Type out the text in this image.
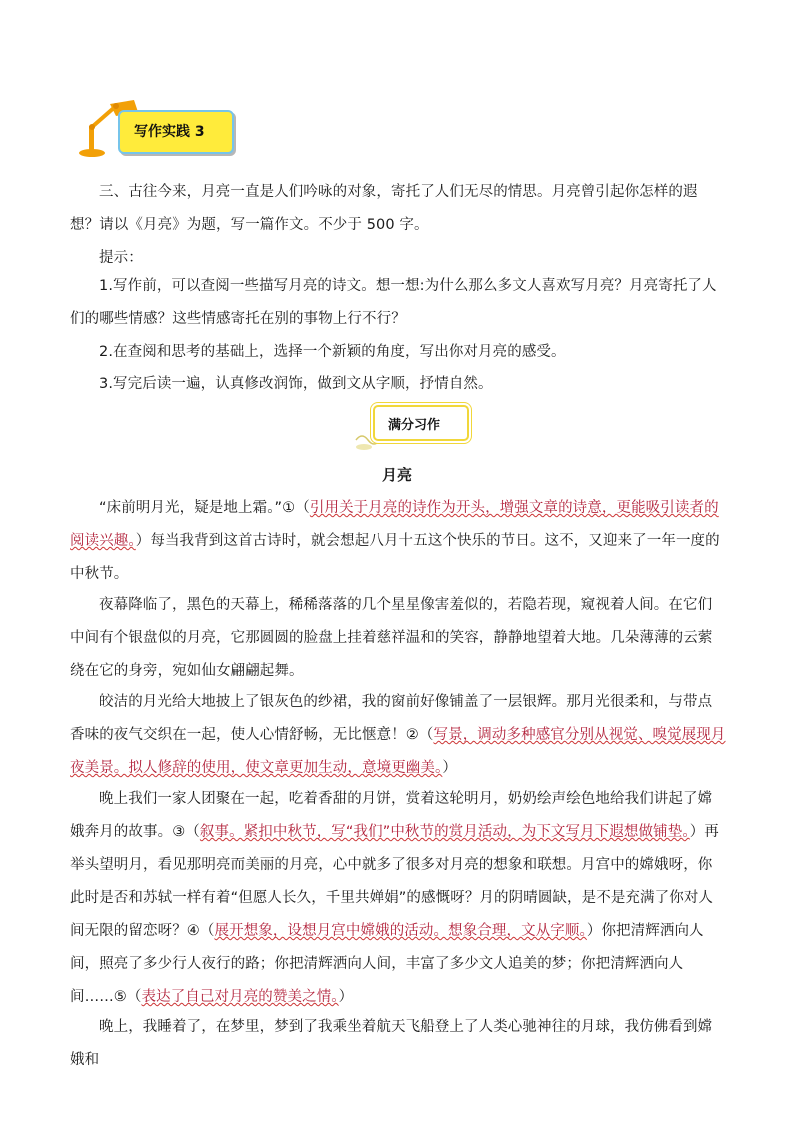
写作实践 3
三、古往今来，月亮一直是人们吟咏的对象，寄托了人们无尽的情思。月亮曾引起你怎样的遐想？请以《月亮》为题，写一篇作文。不少于 500 字。
提示：
1.写作前，可以查阅一些描写月亮的诗文。想一想:为什么那么多文人喜欢写月亮？月亮寄托了人们的哪些情感？这些情感寄托在别的事物上行不行？
2.在查阅和思考的基础上，选择一个新颖的角度，写出你对月亮的感受。
3.写完后读一遍，认真修改润饰，做到文从字顺，抒情自然。
满分习作
月亮
“床前明月光，疑是地上霜。”①（引用关于月亮的诗作为开头，增强文章的诗意，更能吸引读者的阅读兴趣。）每当我背到这首古诗时，就会想起八月十五这个快乐的节日。这不，又迎来了一年一度的中秋节。
夜幕降临了，黑色的天幕上，稀稀落落的几个星星像害羞似的，若隐若现，窥视着人间。在它们中间有个银盘似的月亮，它那圆圆的脸盘上挂着慈祥温和的笑容，静静地望着大地。几朵薄薄的云萦绕在它的身旁，宛如仙女翩翩起舞。
皎洁的月光给大地披上了银灰色的纱裙，我的窗前好像铺盖了一层银辉。那月光很柔和，与带点香味的夜气交织在一起，使人心情舒畅，无比惬意！②（写景，调动多种感官分别从视觉、嗅觉展现月夜美景。拟人修辞的使用，使文章更加生动，意境更幽美。）
晚上我们一家人团聚在一起，吃着香甜的月饼，赏着这轮明月，奶奶绘声绘色地给我们讲起了嫦娥奔月的故事。③（叙事。紧扣中秋节，写“我们”中秋节的赏月活动，为下文写月下遐想做铺垫。）再举头望明月，看见那明亮而美丽的月亮，心中就多了很多对月亮的想象和联想。月宫中的嫦娥呀，你此时是否和苏轼一样有着“但愿人长久，千里共婵娟”的感慨呀？月的阴晴圆缺，是不是充满了你对人间无限的留恋呀？④（展开想象，设想月宫中嫦娥的活动。想象合理，文从字顺。）你把清辉洒向人间，照亮了多少行人夜行的路；你把清辉洒向人间，丰富了多少文人追美的梦；你把清辉洒向人间……⑤（表达了自己对月亮的赞美之情。）
晚上，我睡着了，在梦里，梦到了我乘坐着航天飞船登上了人类心驰神往的月球，我仿佛看到嫦娥和
